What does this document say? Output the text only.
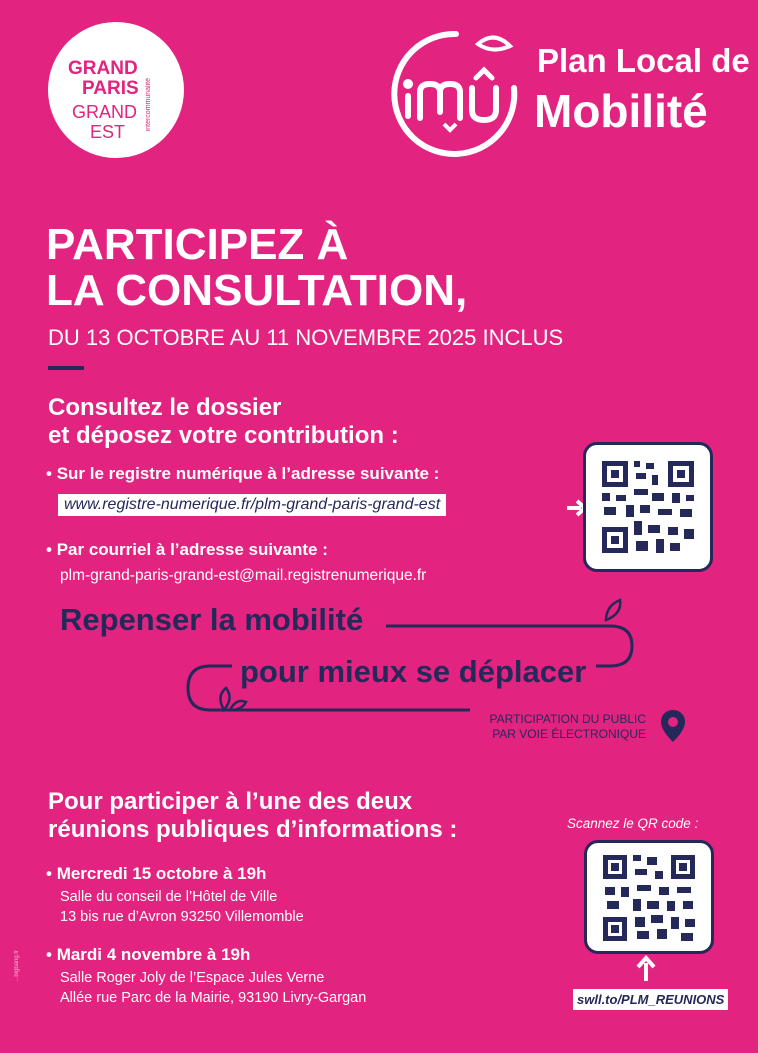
GRAND
PARIS
GRAND
EST
intercommunalité
Plan Local de
Mobilité
PARTICIPEZ À
LA CONSULTATION,
DU 13 OCTOBRE AU 11 NOVEMBRE 2025 INCLUS
Consultez le dossier
et déposez votre contribution :
• Sur le registre numérique à l’adresse suivante :
www.registre-numerique.fr/plm-grand-paris-grand-est
• Par courriel à l’adresse suivante :
plm-grand-paris-grand-est@mail.registrenumerique.fr
Repenser la mobilité
pour mieux se déplacer
PARTICIPATION DU PUBLIC
PAR VOIE ÉLECTRONIQUE
Pour participer à l’une des deux
réunions publiques d’informations :
• Mercredi 15 octobre à 19h
Salle du conseil de l’Hôtel de Ville
13 bis rue d’Avron 93250 Villemomble
• Mardi 4 novembre à 19h
Salle Roger Joly de l’Espace Jules Verne
Allée rue Parc de la Mairie, 93190 Livry-Gargan
Scannez le QR code :
swll.to/PLM_REUNIONS
...bigbang.fr
